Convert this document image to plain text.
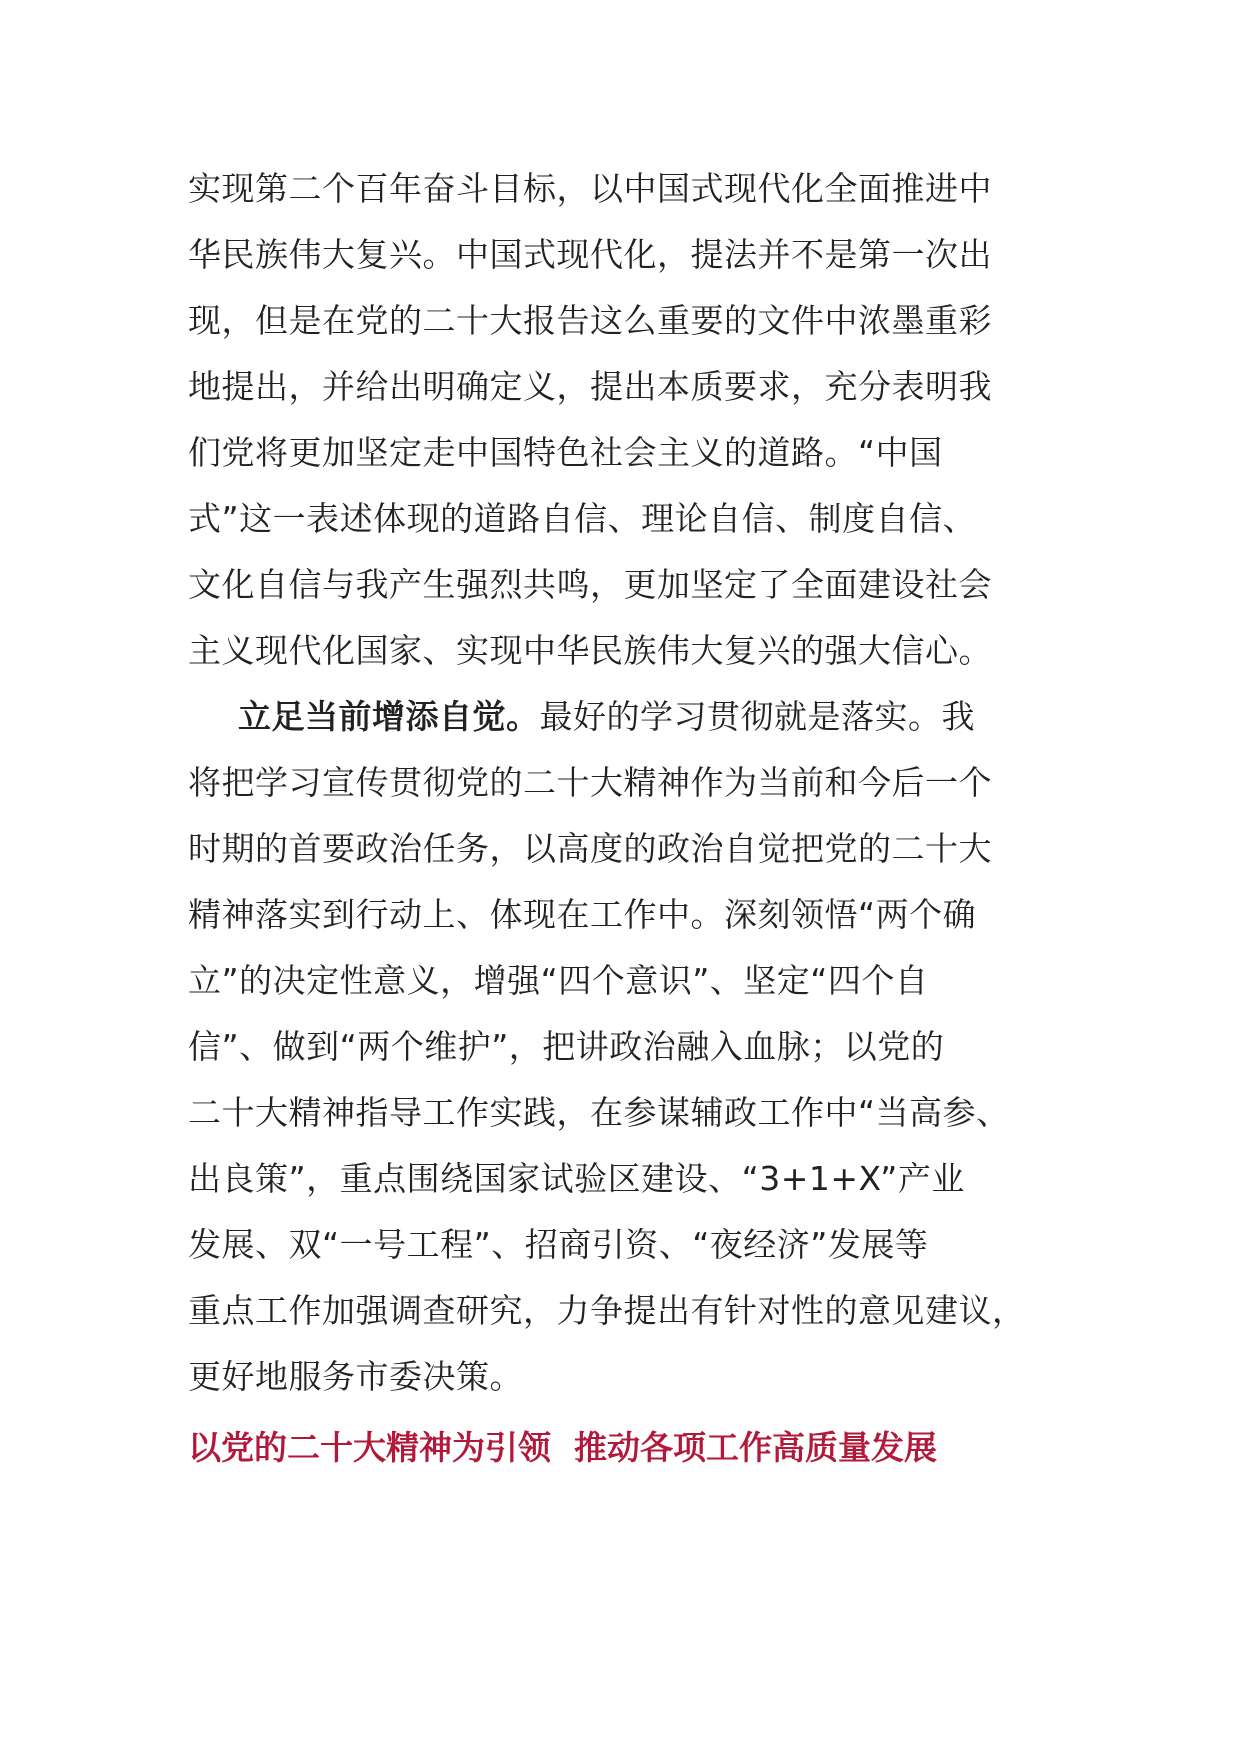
实现第二个百年奋斗目标，以中国式现代化全面推进中
华民族伟大复兴。中国式现代化，提法并不是第一次出
现，但是在党的二十大报告这么重要的文件中浓墨重彩
地提出，并给出明确定义，提出本质要求，充分表明我
们党将更加坚定走中国特色社会主义的道路。“中国
式”这一表述体现的道路自信、理论自信、制度自信、
文化自信与我产生强烈共鸣，更加坚定了全面建设社会
主义现代化国家、实现中华民族伟大复兴的强大信心。
立足当前增添自觉。最好的学习贯彻就是落实。我
将把学习宣传贯彻党的二十大精神作为当前和今后一个
时期的首要政治任务，以高度的政治自觉把党的二十大
精神落实到行动上、体现在工作中。深刻领悟“两个确
立”的决定性意义，增强“四个意识”、坚定“四个自
信”、做到“两个维护”，把讲政治融入血脉；以党的
二十大精神指导工作实践，在参谋辅政工作中“当高参、
出良策”，重点围绕国家试验区建设、“3+1+X”产业
发展、双“一号工程”、招商引资、“夜经济”发展等
重点工作加强调查研究，力争提出有针对性的意见建议，
更好地服务市委决策。
以党的二十大精神为引领  推动各项工作高质量发展
